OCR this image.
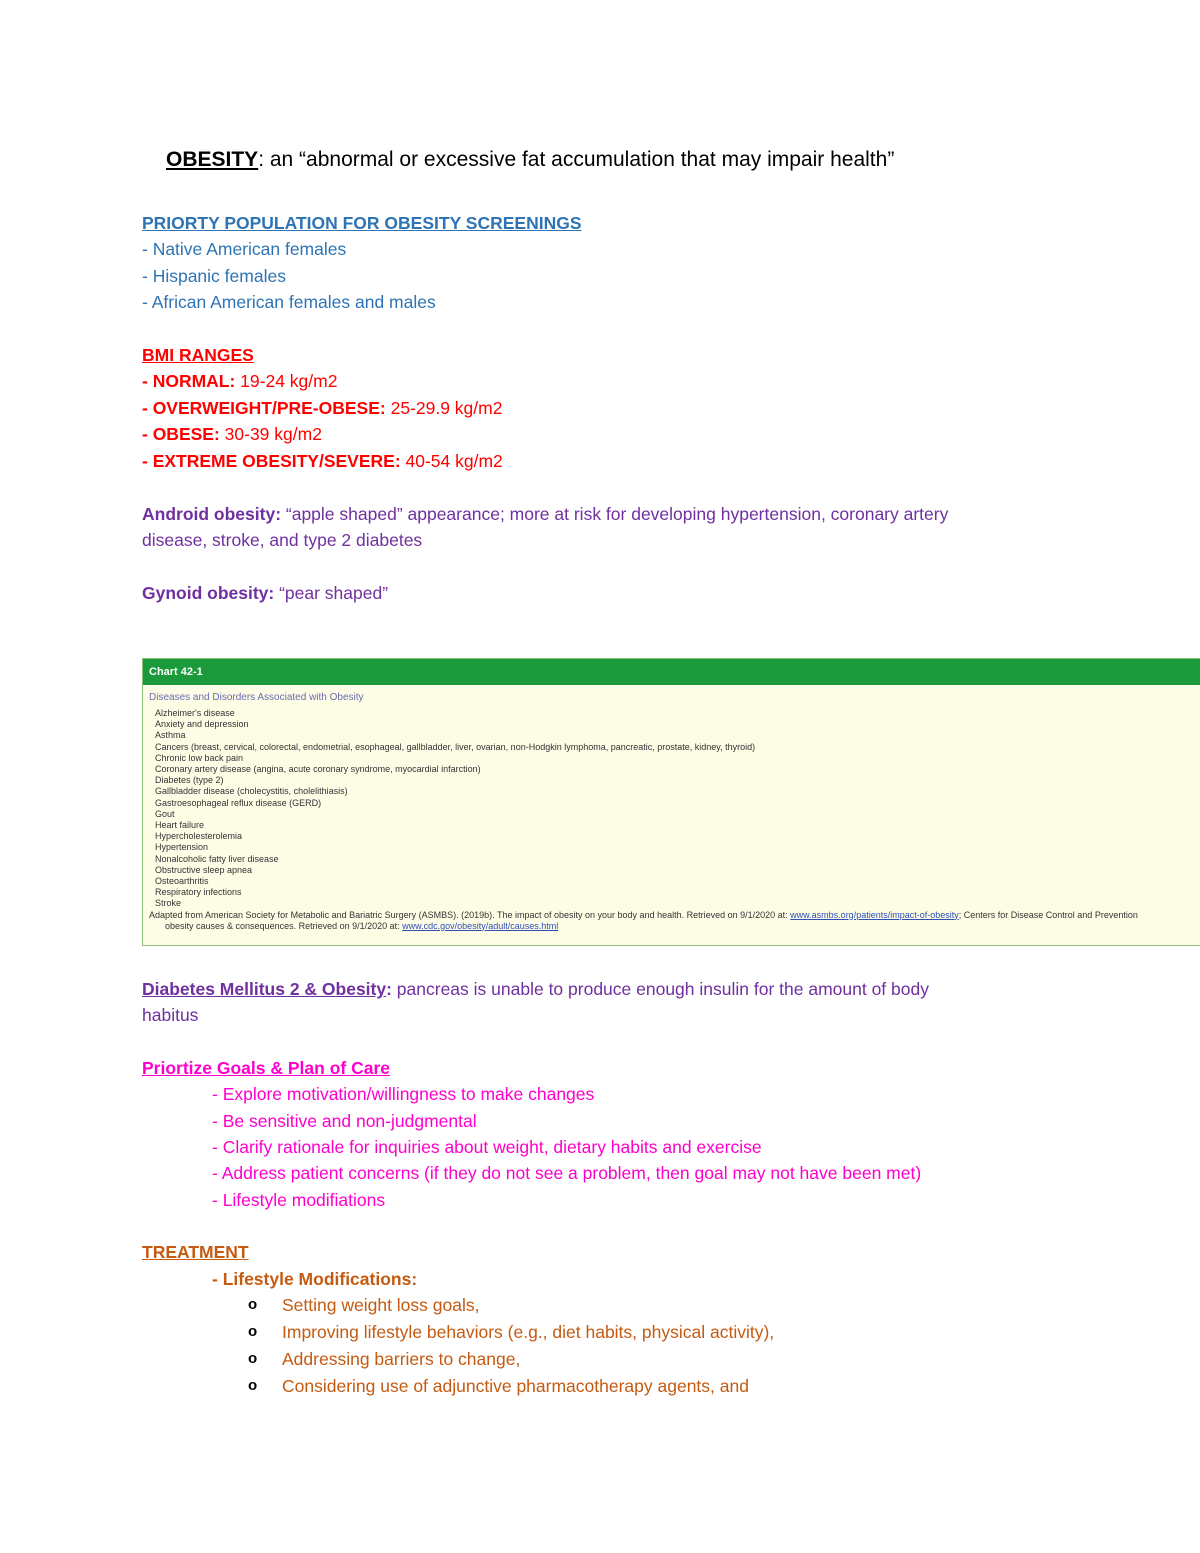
OBESITY: an “abnormal or excessive fat accumulation that may impair health”
PRIORTY POPULATION FOR OBESITY SCREENINGS
- Native American females
- Hispanic females
- African American females and males
BMI RANGES
- NORMAL: 19-24 kg/m2
- OVERWEIGHT/PRE-OBESE: 25-29.9 kg/m2
- OBESE: 30-39 kg/m2
- EXTREME OBESITY/SEVERE: 40-54 kg/m2
Android obesity: “apple shaped” appearance; more at risk for developing hypertension, coronary artery
disease, stroke, and type 2 diabetes
Gynoid obesity: “pear shaped”
Chart 42-1
Diseases and Disorders Associated with Obesity
Alzheimer's disease
Anxiety and depression
Asthma
Cancers (breast, cervical, colorectal, endometrial, esophageal, gallbladder, liver, ovarian, non-Hodgkin lymphoma, pancreatic, prostate, kidney, thyroid)
Chronic low back pain
Coronary artery disease (angina, acute coronary syndrome, myocardial infarction)
Diabetes (type 2)
Gallbladder disease (cholecystitis, cholelithiasis)
Gastroesophageal reflux disease (GERD)
Gout
Heart failure
Hypercholesterolemia
Hypertension
Nonalcoholic fatty liver disease
Obstructive sleep apnea
Osteoarthritis
Respiratory infections
Stroke
Adapted from American Society for Metabolic and Bariatric Surgery (ASMBS). (2019b). The impact of obesity on your body and health. Retrieved on 9/1/2020 at: www.asmbs.org/patients/impact-of-obesity; Centers for Disease Control and Prevention
obesity causes & consequences. Retrieved on 9/1/2020 at: www.cdc.gov/obesity/adult/causes.html
Diabetes Mellitus 2 & Obesity: pancreas is unable to produce enough insulin for the amount of body
habitus
Priortize Goals & Plan of Care
- Explore motivation/willingness to make changes
- Be sensitive and non-judgmental
- Clarify rationale for inquiries about weight, dietary habits and exercise
- Address patient concerns (if they do not see a problem, then goal may not have been met)
- Lifestyle modifiations
TREATMENT
- Lifestyle Modifications:
o Setting weight loss goals,
o Improving lifestyle behaviors (e.g., diet habits, physical activity),
o Addressing barriers to change,
o Considering use of adjunctive pharmacotherapy agents, and
